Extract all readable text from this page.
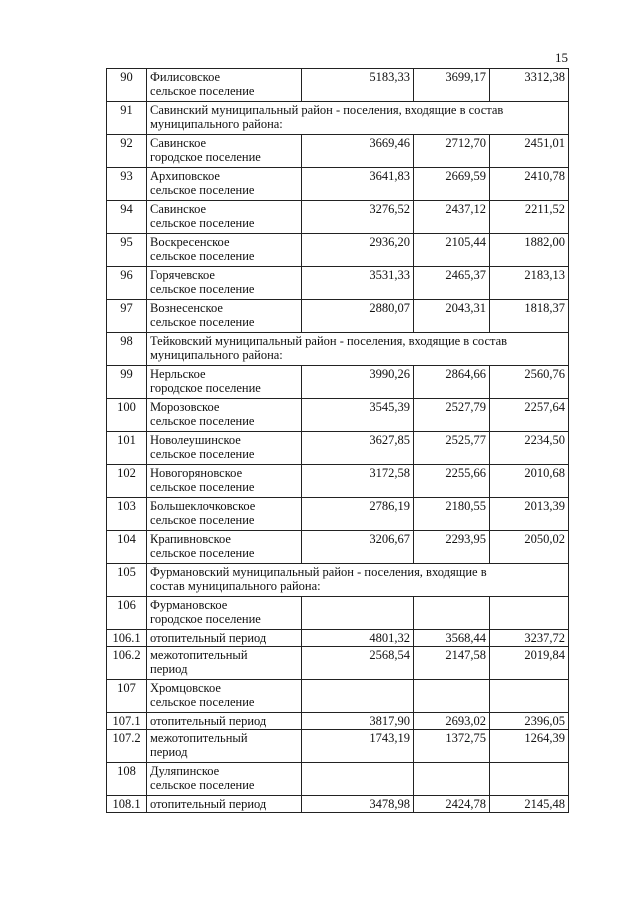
15
90	Филисовское
сельское поселение	5183,33	3699,17	3312,38
91	Савинский муниципальный район - поселения, входящие в состав
муниципального района:			

92	Савинское
городское поселение	3669,46	2712,70	2451,01
93	Архиповское
сельское поселение	3641,83	2669,59	2410,78
94	Савинское
сельское поселение	3276,52	2437,12	2211,52
95	Воскресенское
сельское поселение	2936,20	2105,44	1882,00
96	Горячевское
сельское поселение	3531,33	2465,37	2183,13
97	Вознесенское
сельское поселение	2880,07	2043,31	1818,37
98	Тейковский муниципальный район - поселения, входящие в состав
муниципального района:			

99	Нерльское
городское поселение	3990,26	2864,66	2560,76
100	Морозовское
сельское поселение	3545,39	2527,79	2257,64
101	Новолеушинское
сельское поселение	3627,85	2525,77	2234,50
102	Новогоряновское
сельское поселение	3172,58	2255,66	2010,68
103	Большеклочковское
сельское поселение	2786,19	2180,55	2013,39
104	Крапивновское
сельское поселение	3206,67	2293,95	2050,02
105	Фурмановский муниципальный район - поселения, входящие в
состав муниципального района:			

106	Фурмановское
городское поселение			

106.1	отопительный период	4801,32	3568,44	3237,72
106.2	межотопительный
период	2568,54	2147,58	2019,84
107	Хромцовское
сельское поселение			

107.1	отопительный период	3817,90	2693,02	2396,05
107.2	межотопительный
период	1743,19	1372,75	1264,39
108	Дуляпинское
сельское поселение			

108.1	отопительный период	3478,98	2424,78	2145,48
